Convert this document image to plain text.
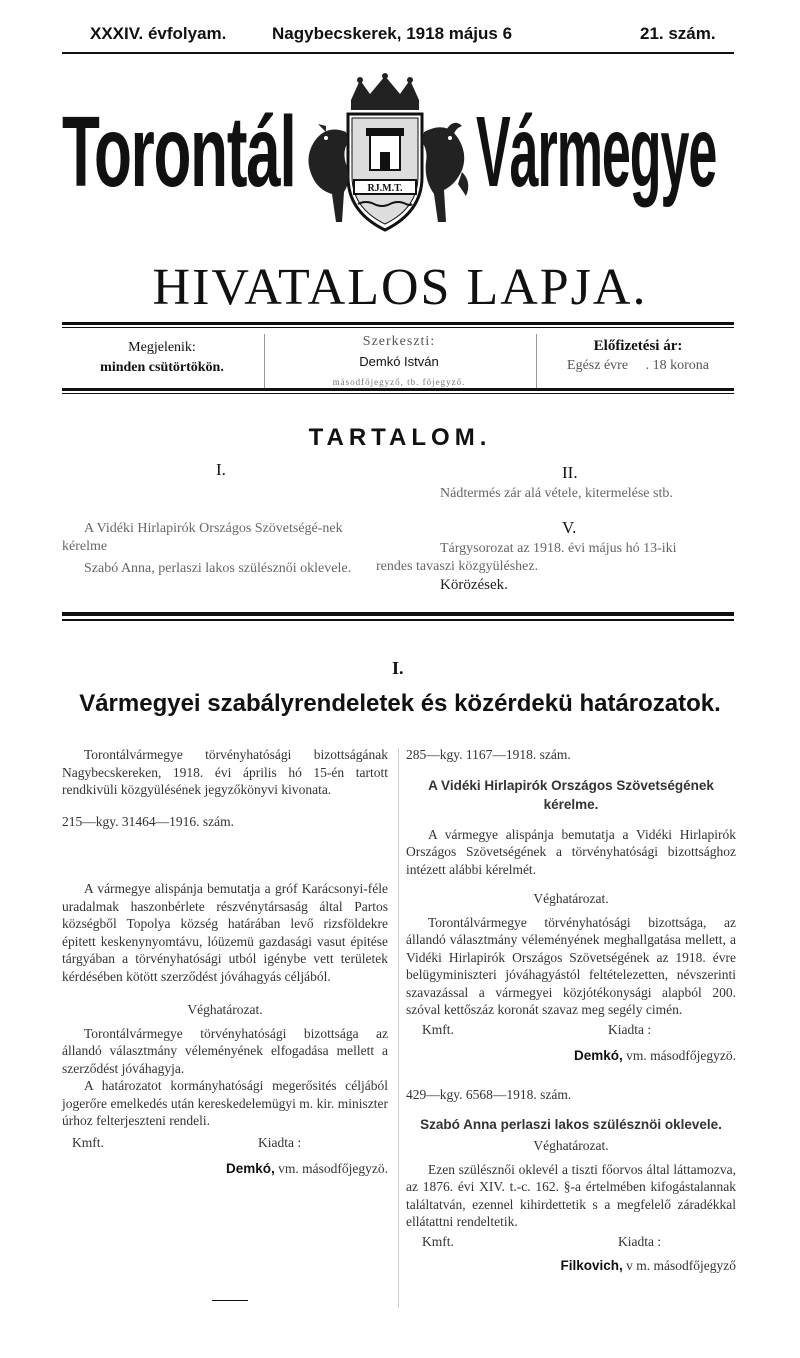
XXXIV. évfolyam.	Nagybecskerek, 1918 május 6	21. szám.
Torontál Vármegye
RJ.M.T.
HIVATALOS LAPJA.
Megjelenik:
minden csütörtökön.
Szerkeszti:
Demkó István
másodfőjegyző, tb. főjegyző.
Előfizetési ár:
Egész évre . 18 korona
TARTALOM.
I.
A Vidéki Hirlapirók Országos Szövetségé-nek kérelme
Szabó Anna, perlaszi lakos szülésznői oklevele.
II.
Nádtermés zár alá vétele, kitermelése stb.
V.
Tárgysorozat az 1918. évi május hó 13-iki rendes tavaszi közgyüléshez.
Körözések.
I.
Vármegyei szabályrendeletek és közérdekü határozatok.

Torontálvármegye törvényhatósági bizottságának Nagybecskereken, 1918. évi április hó 15-én tartott rendkivüli közgyülésének jegyzőkönyvi kivonata.

215—kgy. 31464—1916. szám.

A vármegye alispánja bemutatja a gróf Karácsonyi-féle uradalmak haszonbérlete részvénytársaság által Partos községből Topolya község határában levő rizsföldekre épitett keskenynyomtávu, lóüzemü gazdasági vasut épitése tárgyában a törvényhatósági utból igénybe vett területek kérdésében kötött szerződést jóváhagyás céljából.

Véghatározat.

Torontálvármegye törvényhatósági bizottsága az állandó választmány véleményének elfogadása mellett a szerződést jóváhagyja.

A határozatot kormányhatósági megerősités céljából jogerőre emelkedés után kereskedelemügyi m. kir. miniszter úrhoz felterjeszteni rendeli.

Kmft.	Kiadta :

Demkó, vm. másodfőjegyzö.

285—kgy. 1167—1918. szám.

A Vidéki Hirlapirók Országos Szövetségének kérelme.

A vármegye alispánja bemutatja a Vidéki Hirlapirók Országos Szövetségének a törvényhatósági bizottsághoz intézett alábbi kérelmét.

Véghatározat.

Torontálvármegye törvényhatósági bizottsága, az állandó választmány véleményének meghallgatása mellett, a Vidéki Hirlapirók Országos Szövetségének az 1918. évre belügyminiszteri jóváhagyástól feltételezetten, névszerinti szavazással a vármegyei közjótékonysági alapból 200. szóval kettőszáz koronát szavaz meg segély cimén.

Kmft.	Kiadta :

Demkó, vm. másodfőjegyzö.

429—kgy. 6568—1918. szám.

Szabó Anna perlaszi lakos szülésznöi oklevele.

Véghatározat.

Ezen szülésznői oklevél a tiszti főorvos által láttamozva, az 1876. évi XIV. t.-c. 162. §-a értelmében kifogástalannak találtatván, ezennel kihirdettetik s a megfelelő záradékkal ellátattni rendeltetik.

Kmft.	Kiadta :

Filkovich, v m. másodfőjegyző
